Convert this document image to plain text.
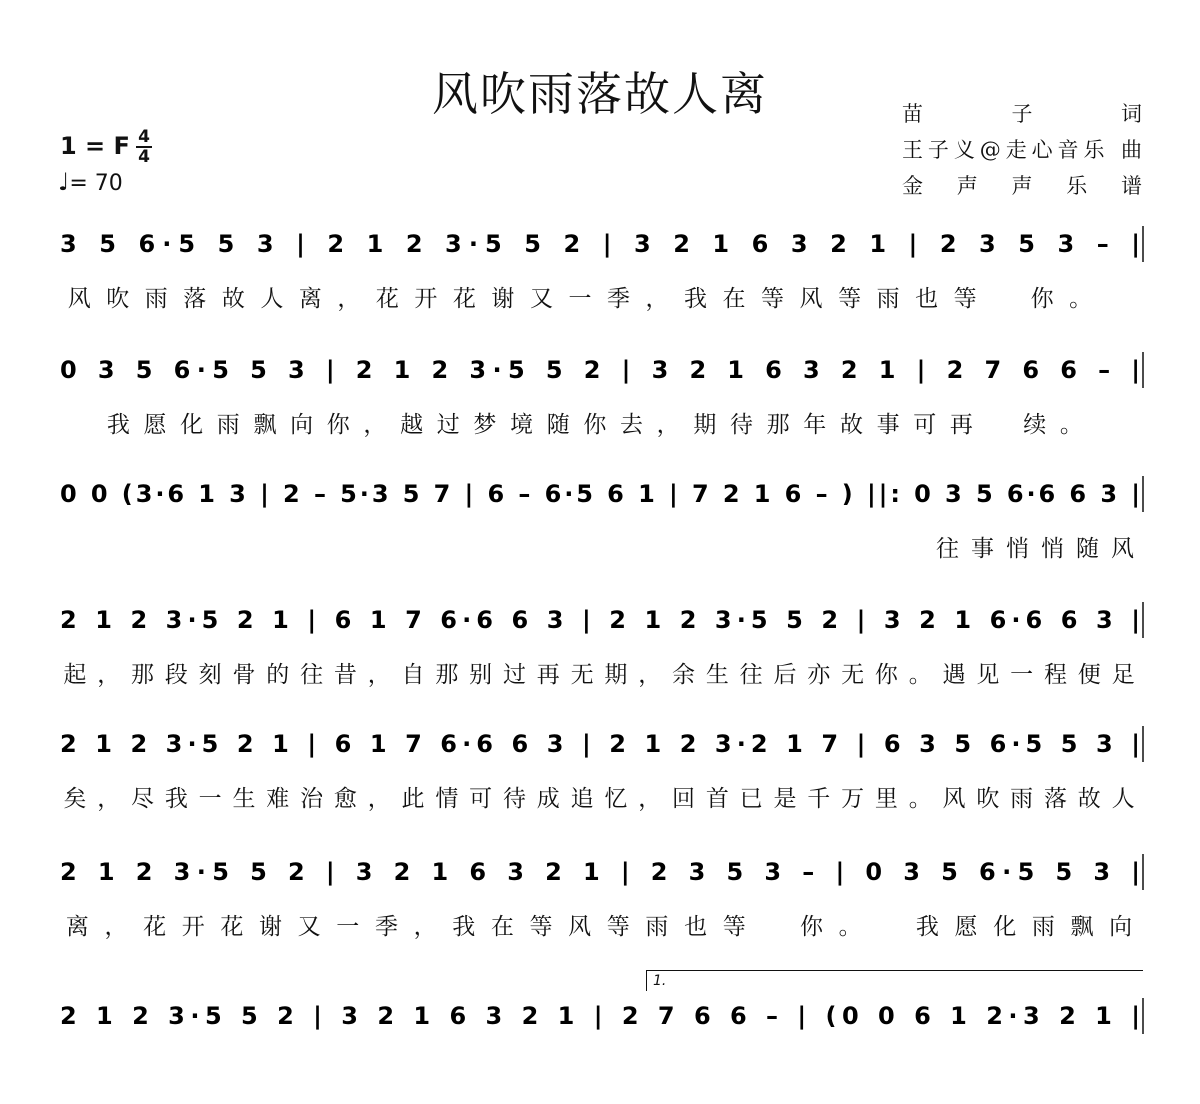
风吹雨落故人离	苗 子 词
王子义@走心音乐 曲
金 声 声 乐 谱
1 = F 4
4
♩= 70
3 5 6·5 5 3 | 2 1 2 3·5 5 2 | 3 2 1 6 3 2 1 | 2 3 5 3 – |
风 吹 雨 落 故 人 离 ， 花 开 花 谢 又 一 季 ， 我 在 等 风 等 雨 也 等 你 。
0 3 5 6·5 5 3 | 2 1 2 3·5 5 2 | 3 2 1 6 3 2 1 | 2 7 6 6 – |
我 愿 化 雨 飘 向 你 ， 越 过 梦 境 随 你 去 ， 期 待 那 年 故 事 可 再 续 。
0 0 (3·6 1 3 | 2 – 5·3 5 7 | 6 – 6·5 6 1 | 7 2 1 6 – ) ||: 0 3 5 6·6 6 3 |
往 事 悄 悄 随 风
2 1 2 3·5 2 1 | 6 1 7 6·6 6 3 | 2 1 2 3·5 5 2 | 3 2 1 6·6 6 3 |
起 ， 那 段 刻 骨 的 往 昔 ， 自 那 别 过 再 无 期 ， 余 生 往 后 亦 无 你 。 遇 见 一 程 便 足
2 1 2 3·5 2 1 | 6 1 7 6·6 6 3 | 2 1 2 3·2 1 7 | 6 3 5 6·5 5 3 |
矣 ， 尽 我 一 生 难 治 愈 ， 此 情 可 待 成 追 忆 ， 回 首 已 是 千 万 里 。 风 吹 雨 落 故 人
2 1 2 3·5 5 2 | 3 2 1 6 3 2 1 | 2 3 5 3 – | 0 3 5 6·5 5 3 |
离 ， 花 开 花 谢 又 一 季 ， 我 在 等 风 等 雨 也 等 你 。 我 愿 化 雨 飘 向
1.
2 1 2 3·5 5 2 | 3 2 1 6 3 2 1 | 2 7 6 6 – | (0 0 6 1 2·3 2 1 |
